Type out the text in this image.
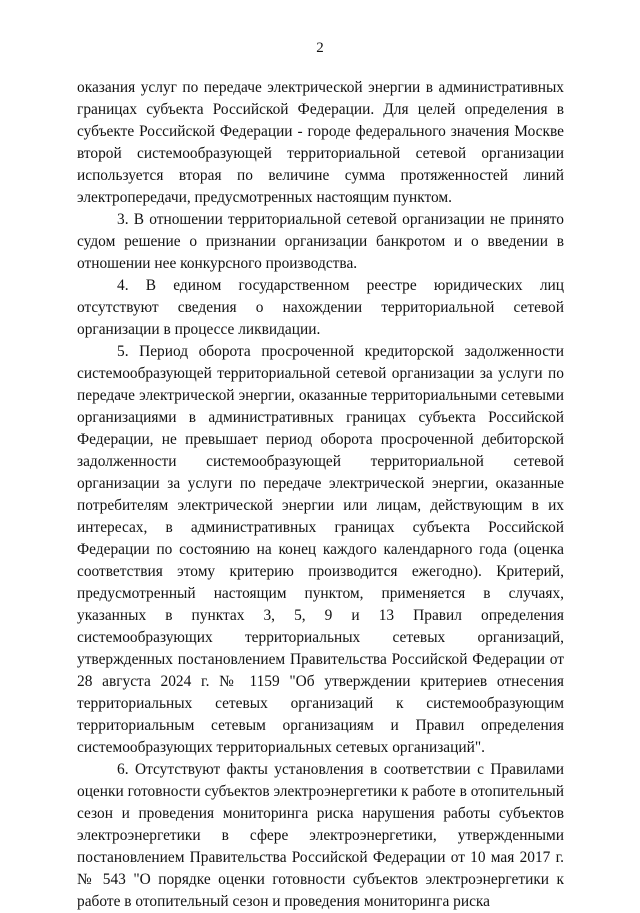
2

оказания услуг по передаче электрической энергии в административных границах субъекта Российской Федерации. Для целей определения в субъекте Российской Федерации - городе федерального значения Москве второй системообразующей территориальной сетевой организации используется вторая по величине сумма протяженностей линий электропередачи, предусмотренных настоящим пунктом.

3. В отношении территориальной сетевой организации не принято судом решение о признании организации банкротом и о введении в отношении нее конкурсного производства.

4. В едином государственном реестре юридических лиц отсутствуют сведения о нахождении территориальной сетевой организации в процессе ликвидации.

5. Период оборота просроченной кредиторской задолженности системообразующей территориальной сетевой организации за услуги по передаче электрической энергии, оказанные территориальными сетевыми организациями в административных границах субъекта Российской Федерации, не превышает период оборота просроченной дебиторской задолженности системообразующей территориальной сетевой организации за услуги по передаче электрической энергии, оказанные потребителям электрической энергии или лицам, действующим в их интересах, в административных границах субъекта Российской Федерации по состоянию на конец каждого календарного года (оценка соответствия этому критерию производится ежегодно). Критерий, предусмотренный настоящим пунктом, применяется в случаях, указанных в пунктах 3, 5, 9 и 13 Правил определения системообразующих территориальных сетевых организаций, утвержденных постановлением Правительства Российской Федерации от 28 августа 2024 г. № 1159 "Об утверждении критериев отнесения территориальных сетевых организаций к системообразующим территориальным сетевым организациям и Правил определения системообразующих территориальных сетевых организаций".

6. Отсутствуют факты установления в соответствии с Правилами оценки готовности субъектов электроэнергетики к работе в отопительный сезон и проведения мониторинга риска нарушения работы субъектов электроэнергетики в сфере электроэнергетики, утвержденными постановлением Правительства Российской Федерации от 10 мая 2017 г. № 543 "О порядке оценки готовности субъектов электроэнергетики к работе в отопительный сезон и проведения мониторинга риска
